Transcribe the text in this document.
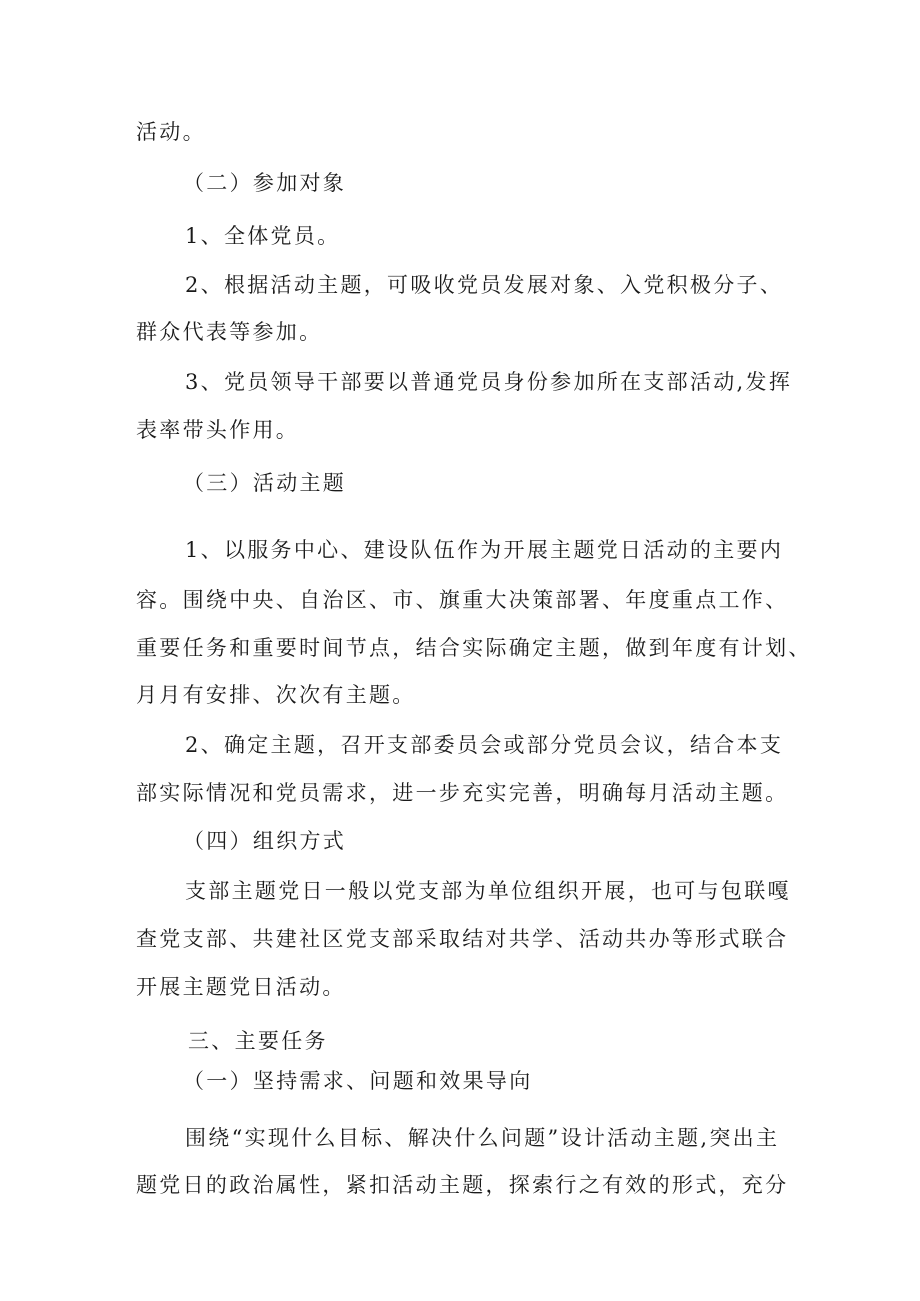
活动。
（二）参加对象
1、全体党员。
2、根据活动主题，可吸收党员发展对象、入党积极分子、
群众代表等参加。
3、党员领导干部要以普通党员身份参加所在支部活动,发挥
表率带头作用。
（三）活动主题
1、以服务中心、建设队伍作为开展主题党日活动的主要内
容。围绕中央、自治区、市、旗重大决策部署、年度重点工作、
重要任务和重要时间节点，结合实际确定主题，做到年度有计划、
月月有安排、次次有主题。
2、确定主题，召开支部委员会或部分党员会议，结合本支
部实际情况和党员需求，进一步充实完善，明确每月活动主题。
（四）组织方式
支部主题党日一般以党支部为单位组织开展，也可与包联嘎
查党支部、共建社区党支部采取结对共学、活动共办等形式联合
开展主题党日活动。
三、主要任务
（一）坚持需求、问题和效果导向
围绕“实现什么目标、解决什么问题”设计活动主题,突出主
题党日的政治属性，紧扣活动主题，探索行之有效的形式，充分
